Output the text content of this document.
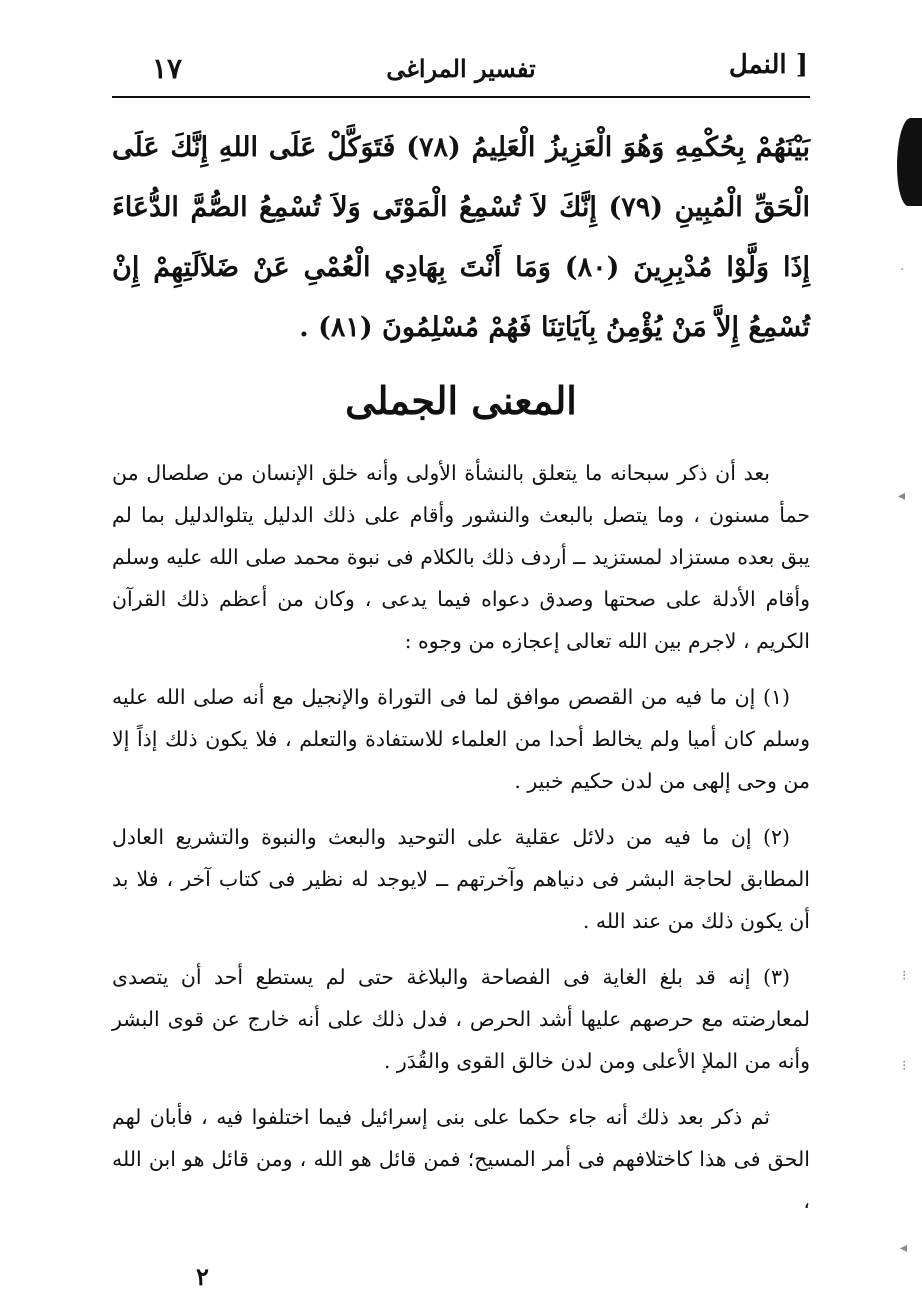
١٧	تفسير المراغى	النمل ]
بَيْنَهُمْ بِحُكْمِهِ وَهُوَ الْعَزِيزُ الْعَلِيمُ (٧٨) فَتَوَكَّلْ عَلَى اللهِ إِنَّكَ عَلَى الْحَقِّ الْمُبِينِ (٧٩) إِنَّكَ لاَ تُسْمِعُ الْمَوْتَى وَلاَ تُسْمِعُ الصُّمَّ الدُّعَاءَ إِذَا وَلَّوْا مُدْبِرِينَ (٨٠) وَمَا أَنْتَ بِهَادِي الْعُمْىِ عَنْ ضَلاَلَتِهِمْ إِنْ تُسْمِعُ إِلاَّ مَنْ يُؤْمِنُ بِآيَاتِنَا فَهُمْ مُسْلِمُونَ (٨١) .
المعنى الجملى

بعد أن ذكر سبحانه ما يتعلق بالنشأة الأولى وأنه خلق الإنسان من صلصال من حمأ مسنون ، وما يتصل بالبعث والنشور وأقام على ذلك الدليل يتلوالدليل بما لم يبق بعده مستزاد لمستزيد ــ أردف ذلك بالكلام فى نبوة محمد صلى الله عليه وسلم وأقام الأدلة على صحتها وصدق دعواه فيما يدعى ، وكان من أعظم ذلك القرآن الكريم ، لاجرم بين الله تعالى إعجازه من وجوه :

(١) إن ما فيه من القصص موافق لما فى التوراة والإنجيل مع أنه صلى الله عليه وسلم كان أميا ولم يخالط أحدا من العلماء للاستفادة والتعلم ، فلا يكون ذلك إذاً إلا من وحى إلهى من لدن حكيم خبير .

(٢) إن ما فيه من دلائل عقلية على التوحيد والبعث والنبوة والتشريع العادل المطابق لحاجة البشر فى دنياهم وآخرتهم ــ لايوجد له نظير فى كتاب آخر ، فلا بد أن يكون ذلك من عند الله .

(٣) إنه قد بلغ الغاية فى الفصاحة والبلاغة حتى لم يستطع أحد أن يتصدى لمعارضته مع حرصهم عليها أشد الحرص ، فدل ذلك على أنه خارج عن قوى البشر وأنه من الملإ الأعلى ومن لدن خالق القوى والقُدَر .

ثم ذكر بعد ذلك أنه جاء حكما على بنى إسرائيل فيما اختلفوا فيه ، فأبان لهم الحق فى هذا كاختلافهم فى أمر المسيح؛ فمن قائل هو الله ، ومن قائل هو ابن الله ،

٢
·
◂
⁝
⁝
◂
